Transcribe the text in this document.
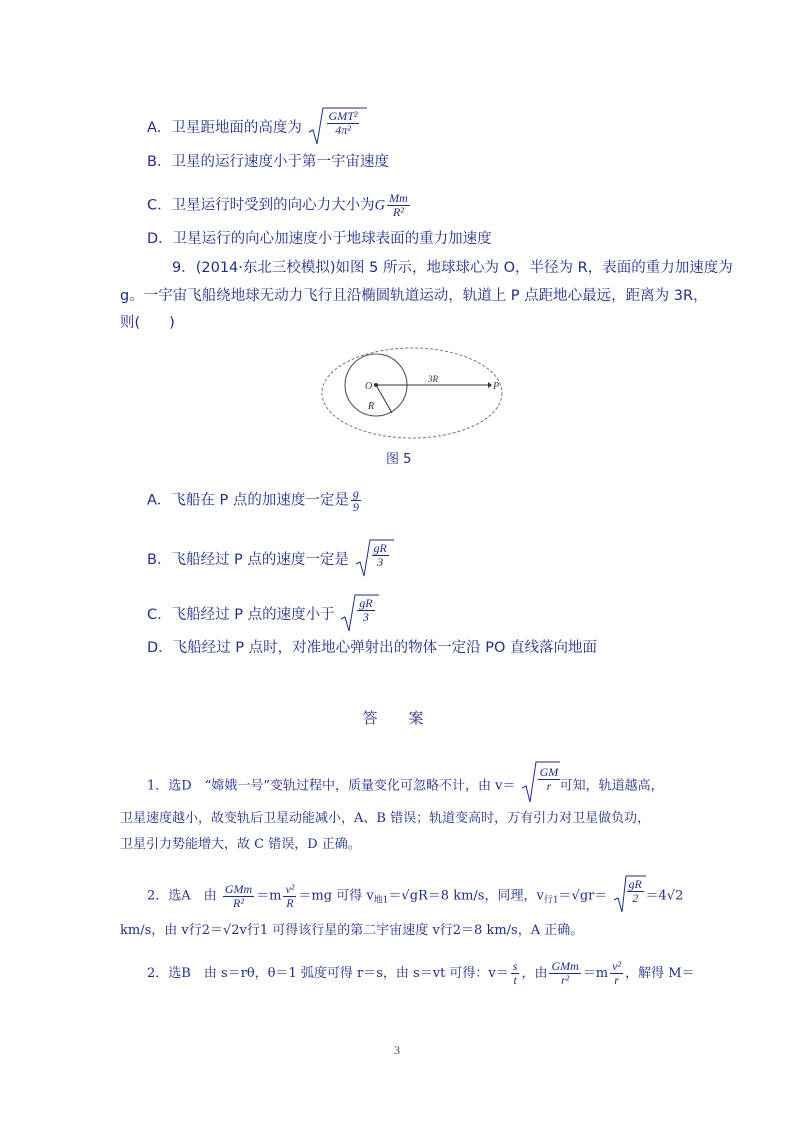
A．卫星距地面的高度为
GMT²
4π²
B．卫星的运行速度小于第一宇宙速度
C．卫星运行时受到的向心力大小为G $\frac{Mm}{\text{R²}}$
D．卫星运行的向心加速度小于地球表面的重力加速度
9．(2014·东北三校模拟)如图 5 所示，地球球心为 O，半径为 R，表面的重力加速度为
g。一宇宙飞船绕地球无动力飞行且沿椭圆轨道运动，轨道上 P 点距地心最远，距离为 3R，
则(　　)
O
R
3R
P
图 5
A．飞船在 P 点的加速度一定是 $\frac{g}{9}$
B．飞船经过 P 点的速度一定是 $\frac{gR}{3}$
C．飞船经过 P 点的速度小于 $\frac{gR}{3}$
D．飞船经过 P 点时，对准地心弹射出的物体一定沿 PO 直线落向地面
答　案
1．选D　“嫦娥一号”变轨过程中，质量变化可忽略不计，由 $v= \frac{GM}{r}$ 可知，轨道越高，
卫星速度越小，故变轨后卫星动能减小，A、B 错误；轨道变高时，万有引力对卫星做负功，
卫星引力势能增大，故 C 错误，D 正确。
2．选A　由 $\frac{\text{GMm}}{\text{R²}} =m \frac{\text{v²}}{R} =mg$ 可得 $v_{地1}=√gR=8$ km/s，同理，$v_{行1}=√gr= \frac{gR}{2} =4√2$
km/s，由 v行2＝√2v行1 可得该行星的第二宇宙速度 v行2＝8 km/s，A 正确。
2．选B　由 s＝rθ，θ＝1 弧度可得 r＝s，由 s＝vt 可得：$v= \frac{s}{t}$ ，由 $\frac{\text{GMm}}{\text{r²}} =m \frac{\text{v²}}{r}$ ，解得 M＝
3
